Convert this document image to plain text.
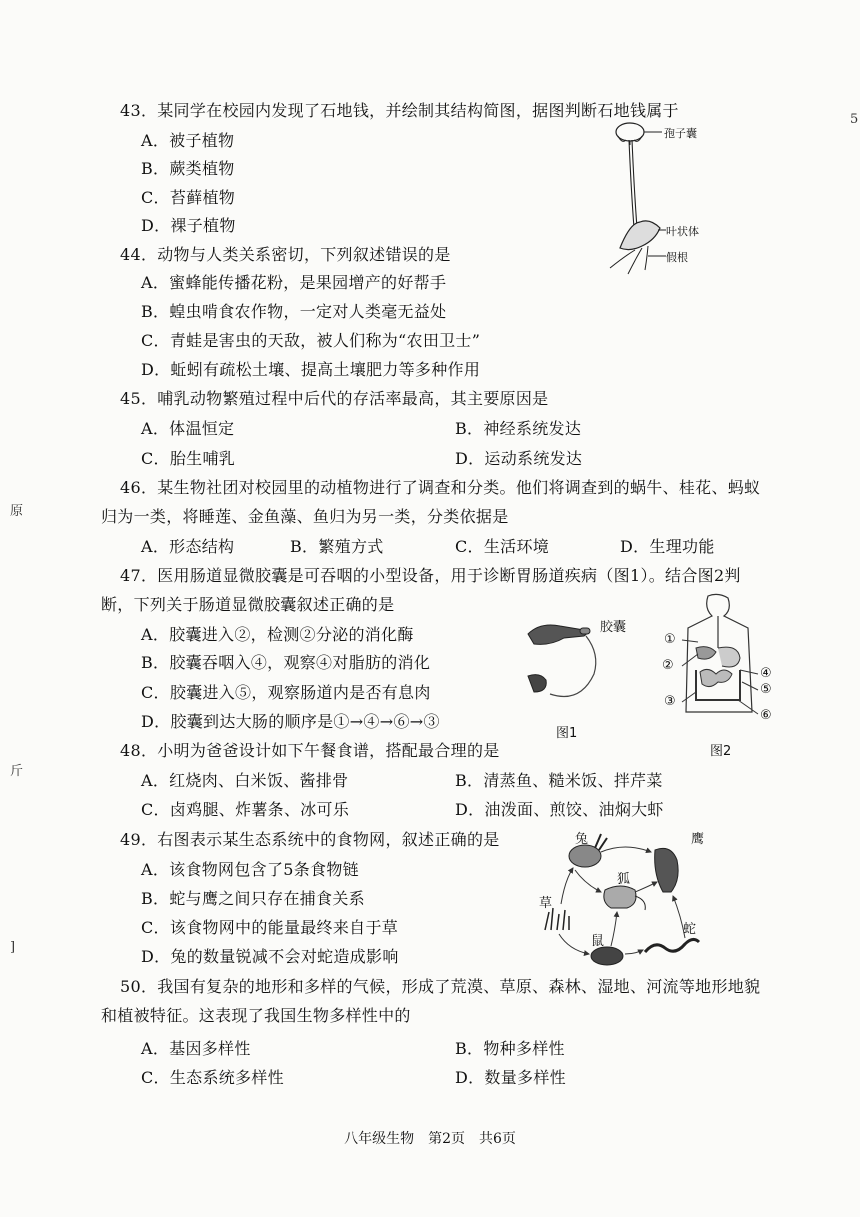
原
斤
]
5
43．某同学在校园内发现了石地钱，并绘制其结构简图，据图判断石地钱属于
A．被子植物
B．蕨类植物
C．苔藓植物
D．裸子植物
孢子囊
叶状体
假根
44．动物与人类关系密切，下列叙述错误的是
A．蜜蜂能传播花粉，是果园增产的好帮手
B．蝗虫啃食农作物，一定对人类毫无益处
C．青蛙是害虫的天敌，被人们称为“农田卫士”
D．蚯蚓有疏松土壤、提高土壤肥力等多种作用
45．哺乳动物繁殖过程中后代的存活率最高，其主要原因是
A．体温恒定	B．神经系统发达
C．胎生哺乳	D．运动系统发达
46．某生物社团对校园里的动植物进行了调查和分类。他们将调查到的蜗牛、桂花、蚂蚁
归为一类，将睡莲、金鱼藻、鱼归为另一类，分类依据是
A．形态结构	B．繁殖方式	C．生活环境	D．生理功能
47．医用肠道显微胶囊是可吞咽的小型设备，用于诊断胃肠道疾病（图1）。结合图2判
断，下列关于肠道显微胶囊叙述正确的是
A．胶囊进入②，检测②分泌的消化酶
B．胶囊吞咽入④，观察④对脂肪的消化
C．胶囊进入⑤，观察肠道内是否有息肉
D．胶囊到达大肠的顺序是①→④→⑥→③
胶囊
图1
①
②
③
④
⑤
⑥
图2
48．小明为爸爸设计如下午餐食谱，搭配最合理的是
A．红烧肉、白米饭、酱排骨	B．清蒸鱼、糙米饭、拌芹菜
C．卤鸡腿、炸薯条、冰可乐	D．油泼面、煎饺、油焖大虾
49．右图表示某生态系统中的食物网，叙述正确的是
A．该食物网包含了5条食物链
B．蛇与鹰之间只存在捕食关系
C．该食物网中的能量最终来自于草
D．兔的数量锐减不会对蛇造成影响
兔	鹰
狐
草
蛇
鼠
50．我国有复杂的地形和多样的气候，形成了荒漠、草原、森林、湿地、河流等地形地貌
和植被特征。这表现了我国生物多样性中的
A．基因多样性	B．物种多样性
C．生态系统多样性	D．数量多样性
八年级生物　第2页　共6页
